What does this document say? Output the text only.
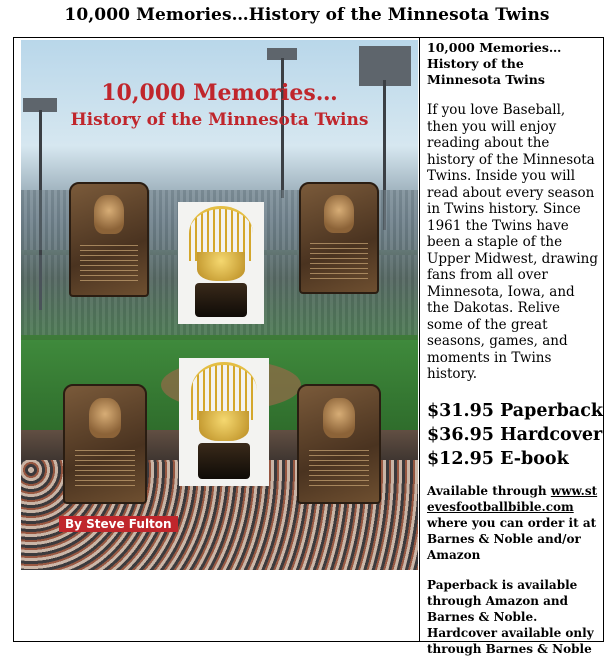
10,000 Memories…History of the Minnesota Twins
10,000 Memories…
History of the Minnesota Twins
By Steve Fulton

10,000 Memories… History of the Minnesota Twins

If you love Baseball, then you will enjoy reading about the history of the Minnesota Twins. Inside you will read about every season in Twins history. Since 1961 the Twins have been a staple of the Upper Midwest, drawing fans from all over Minnesota, Iowa, and the Dakotas. Relive some of the great seasons, games, and moments in Twins history.

$31.95 Paperback
$36.95 Hardcover
$12.95 E-book

Available through www.stevesfootballbible.com where you can order it at Barnes & Noble and/or Amazon

Paperback is available through Amazon and Barnes & Noble. Hardcover available only through Barnes & Noble
